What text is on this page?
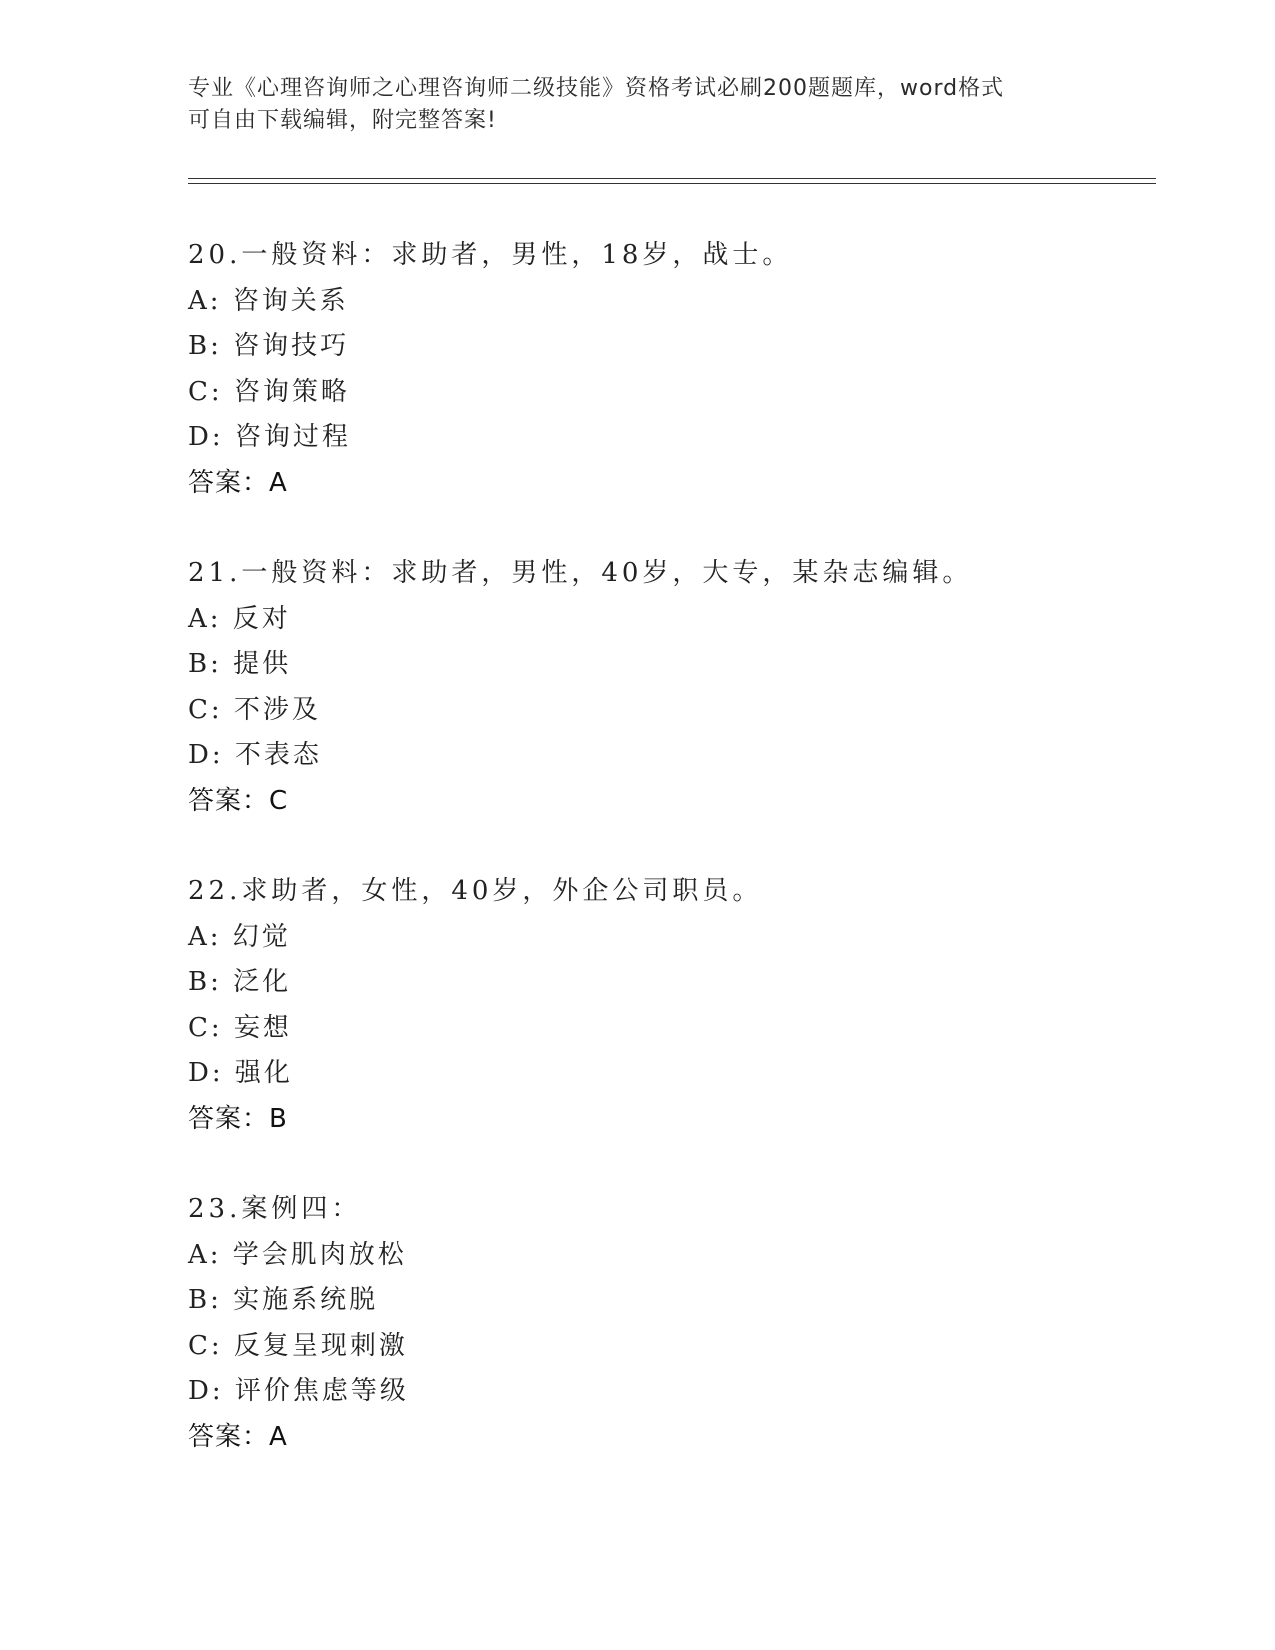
专业《心理咨询师之心理咨询师二级技能》资格考试必刷200题题库，word格式
可自由下载编辑，附完整答案!
20.一般资料：求助者，男性，18岁，战士。
A: 咨询关系
B: 咨询技巧
C: 咨询策略
D: 咨询过程
答案：A
21.一般资料：求助者，男性，40岁，大专，某杂志编辑。
A: 反对
B: 提供
C: 不涉及
D: 不表态
答案：C
22.求助者，女性，40岁，外企公司职员。
A: 幻觉
B: 泛化
C: 妄想
D: 强化
答案：B
23.案例四：
A: 学会肌肉放松
B: 实施系统脱
C: 反复呈现刺激
D: 评价焦虑等级
答案：A
